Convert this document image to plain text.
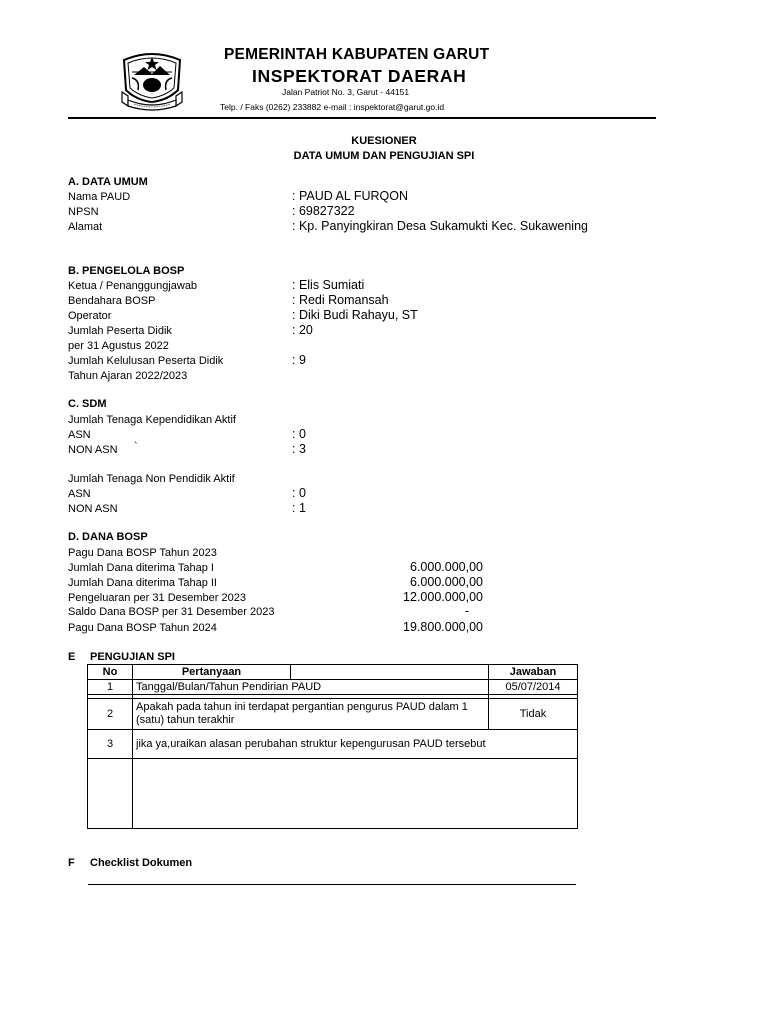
PEMERINTAH KABUPATEN GARUT
INSPEKTORAT DAERAH
Jalan Patriot No. 3, Garut - 44151
Telp. / Faks (0262) 233882 e-mail : inspektorat@garut.go.id
KUESIONER
DATA UMUM DAN PENGUJIAN SPI
A. DATA UMUM
Nama PAUD	: PAUD AL FURQON
NPSN	: 69827322
Alamat	: Kp. Panyingkiran Desa Sukamukti Kec. Sukawening
B. PENGELOLA BOSP
Ketua / Penanggungjawab	: Elis Sumiati
Bendahara BOSP	: Redi Romansah
Operator	: Diki Budi Rahayu, ST
Jumlah Peserta Didik	: 20
per 31 Agustus 2022
Jumlah Kelulusan Peserta Didik	: 9
Tahun Ajaran 2022/2023
C. SDM
Jumlah Tenaga Kependidikan Aktif
ASN	: 0
NON ASN `	: 3
Jumlah Tenaga Non Pendidik Aktif
ASN	: 0
NON ASN	: 1
D. DANA BOSP
Pagu Dana BOSP Tahun 2023
Jumlah Dana diterima Tahap I	6.000.000,00
Jumlah Dana diterima Tahap II	6.000.000,00
Pengeluaran per 31 Desember 2023	12.000.000,00
Saldo Dana BOSP per 31 Desember 2023	-
Pagu Dana BOSP Tahun 2024	19.800.000,00
E PENGUJIAN SPI
No	Pertanyaan		Jawaban
1	Tanggal/Bulan/Tahun Pendirian PAUD		05/07/2014

2	Apakah pada tahun ini terdapat pergantian pengurus PAUD dalam 1
(satu) tahun terakhir		Tidak
3	jika ya,uraikan alasan perubahan struktur kepengurusan PAUD tersebut		

F Checklist Dokumen
